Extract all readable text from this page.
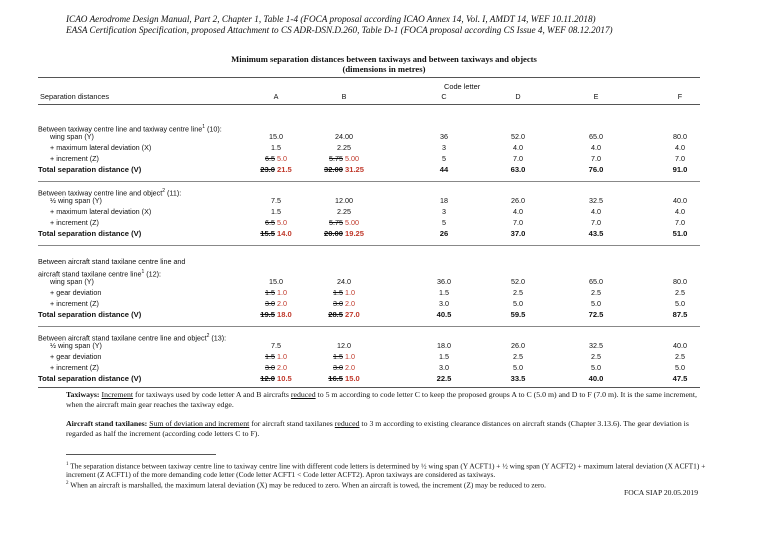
ICAO Aerodrome Design Manual, Part 2, Chapter 1, Table 1-4 (FOCA proposal according ICAO Annex 14, Vol. I, AMDT 14, WEF 10.11.2018)
EASA Certification Specification, proposed Attachment to CS ADR-DSN.D.260, Table D-1 (FOCA proposal according CS Issue 4, WEF 08.12.2017)
Minimum separation distances between taxiways and between taxiways and objects
(dimensions in metres)
Code letter
Separation distances	A	B	C	D	E	F
Between taxiway centre line and taxiway centre line$^1$ (10):
wing span (Y)	15.0	24.00	36	52.0	65.0	80.0
+ maximum lateral deviation (X)	1.5	2.25	3	4.0	4.0	4.0
+ increment (Z)	6.5 5.0	5.75 5.00	5	7.0	7.0	7.0
Total separation distance (V)	23.0 21.5	32.00 31.25	44	63.0	76.0	91.0
Between taxiway centre line and object$^2$ (11):
½ wing span (Y)	7.5	12.00	18	26.0	32.5	40.0
+ maximum lateral deviation (X)	1.5	2.25	3	4.0	4.0	4.0
+ increment (Z)	6.5 5.0	5.75 5.00	5	7.0	7.0	7.0
Total separation distance (V)	15.5 14.0	20.00 19.25	26	37.0	43.5	51.0
Between aircraft stand taxilane centre line and
aircraft stand taxilane centre line$^1$ (12):
wing span (Y)	15.0	24.0	36.0	52.0	65.0	80.0
+ gear deviation	1.5 1.0	1.5 1.0	1.5	2.5	2.5	2.5
+ increment (Z)	3.0 2.0	3.0 2.0	3.0	5.0	5.0	5.0
Total separation distance (V)	19.5 18.0	28.5 27.0	40.5	59.5	72.5	87.5
Between aircraft stand taxilane centre line and object$^2$ (13):
½ wing span (Y)	7.5	12.0	18.0	26.0	32.5	40.0
+ gear deviation	1.5 1.0	1.5 1.0	1.5	2.5	2.5	2.5
+ increment (Z)	3.0 2.0	3.0 2.0	3.0	5.0	5.0	5.0
Total separation distance (V)	12.0 10.5	16.5 15.0	22.5	33.5	40.0	47.5
Taxiways: Increment for taxiways used by code letter A and B aircrafts reduced to 5 m according to code letter C to keep the proposed groups A to C (5.0 m) and D to F (7.0 m). It is the same increment, when the aircraft main gear reaches the taxiway edge.
Aircraft stand taxilanes: Sum of deviation and increment for aircraft stand taxilanes reduced to 3 m according to existing clearance distances on aircraft stands (Chapter 3.13.6). The gear deviation is regarded as half the increment (according code letters C to F).
$^1$ The separation distance between taxiway centre line to taxiway centre line with different code letters is determined by ½ wing span (Y ACFT1) + ½ wing span (Y ACFT2) + maximum lateral deviation (X ACFT1) + increment (Z ACFT1) of the more demanding code letter (Code letter ACFT1 < Code letter ACFT2). Apron taxiways are considered as taxiways.
$^2$ When an aircraft is marshalled, the maximum lateral deviation (X) may be reduced to zero. When an aircraft is towed, the increment (Z) may be reduced to zero.
FOCA SIAP 20.05.2019
